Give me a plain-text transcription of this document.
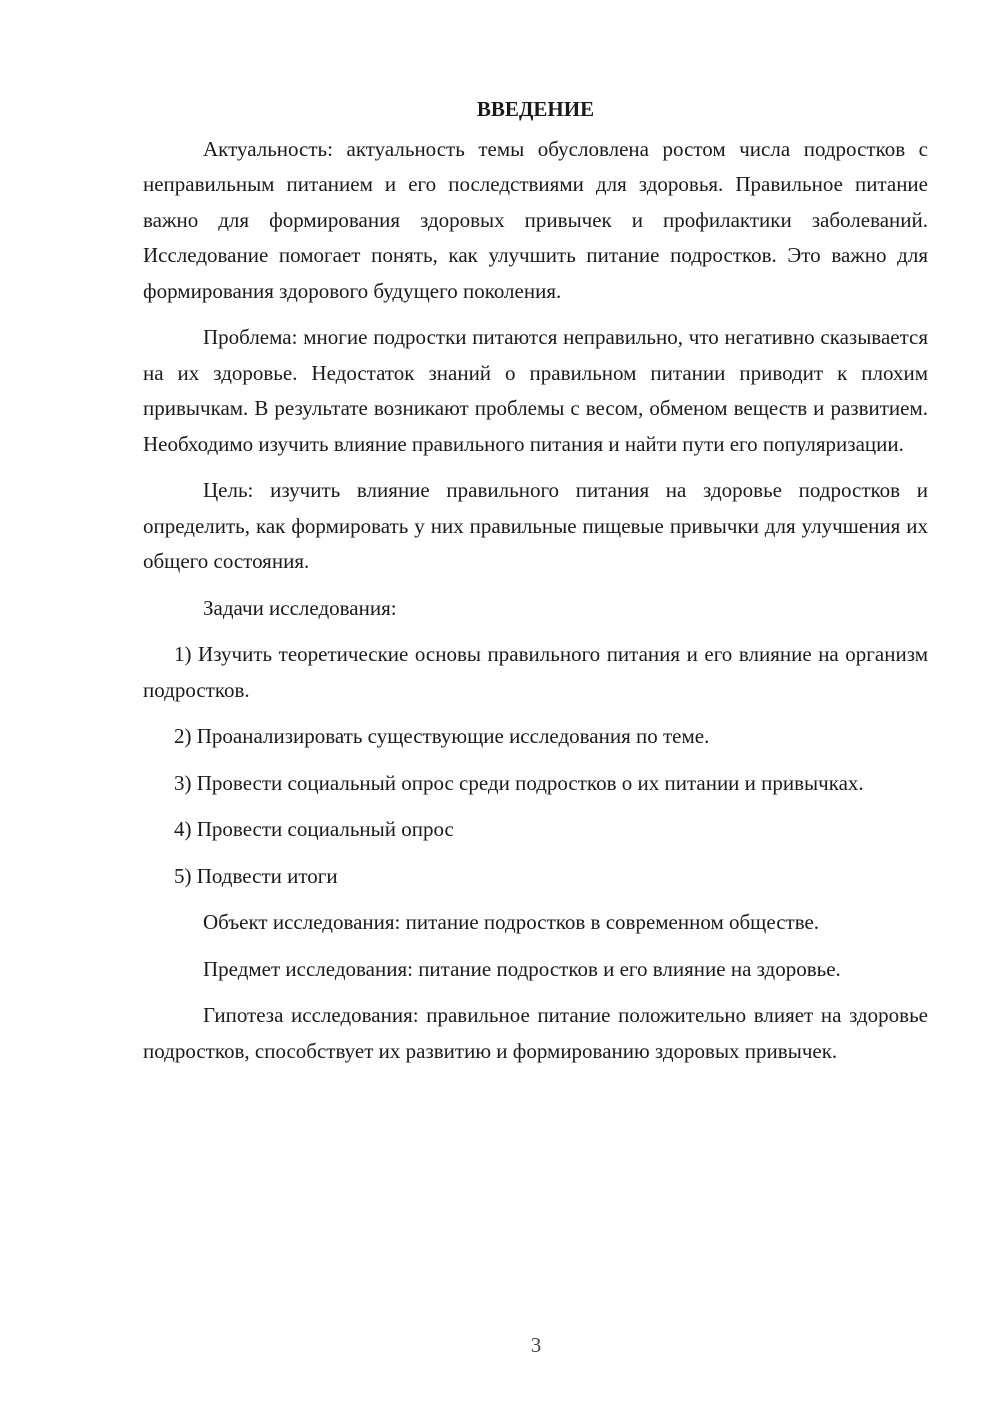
ВВЕДЕНИЕ

Актуальность: актуальность темы обусловлена ростом числа подростков с неправильным питанием и его последствиями для здоровья. Правильное питание важно для формирования здоровых привычек и профилактики заболеваний. Исследование помогает понять, как улучшить питание подростков. Это важно для формирования здорового будущего поколения.

Проблема: многие подростки питаются неправильно, что негативно сказывается на их здоровье. Недостаток знаний о правильном питании приводит к плохим привычкам. В результате возникают проблемы с весом, обменом веществ и развитием. Необходимо изучить влияние правильного питания и найти пути его популяризации.

Цель: изучить влияние правильного питания на здоровье подростков и определить, как формировать у них правильные пищевые привычки для улучшения их общего состояния.

Задачи исследования:

1) Изучить теоретические основы правильного питания и его влияние на организм подростков.

2) Проанализировать существующие исследования по теме.

3) Провести социальный опрос среди подростков о их питании и привычках.

4) Провести социальный опрос

5) Подвести итоги

Объект исследования: питание подростков в современном обществе.

Предмет исследования: питание подростков и его влияние на здоровье.

Гипотеза исследования: правильное питание положительно влияет на здоровье подростков, способствует их развитию и формированию здоровых привычек.

3
